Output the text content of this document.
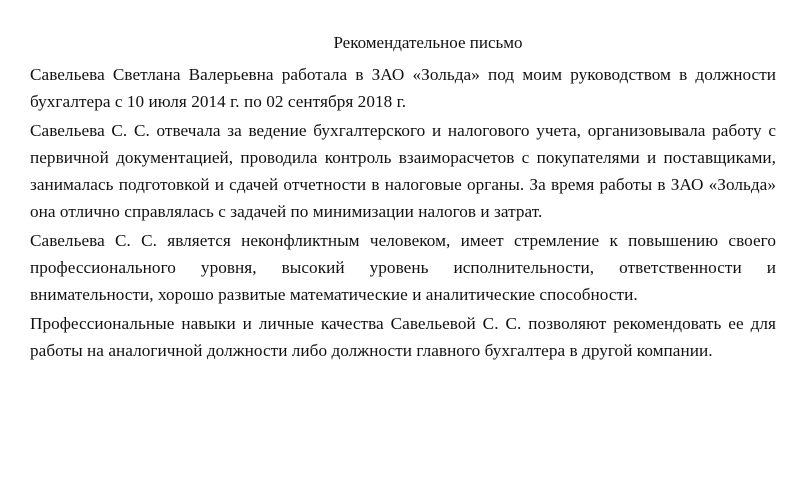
Рекомендательное письмо

Савельева Светлана Валерьевна работала в ЗАО «Зольда» под моим руководством в должности бухгалтера с 10 июля 2014 г. по 02 сентября 2018 г.

Савельева С. С. отвечала за ведение бухгалтерского и налогового учета, организовывала работу с первичной документацией, проводила контроль взаиморасчетов с покупателями и поставщиками, занималась подготовкой и сдачей отчетности в налоговые органы. За время работы в ЗАО «Зольда» она отлично справлялась с задачей по минимизации налогов и затрат.

Савельева С. С. является неконфликтным человеком, имеет стремление к повышению своего профессионального уровня, высокий уровень исполнительности, ответственности и внимательности, хорошо развитые математические и аналитические способности.

Профессиональные навыки и личные качества Савельевой С. С. позволяют рекомендовать ее для работы на аналогичной должности либо должности главного бухгалтера в другой компании.
